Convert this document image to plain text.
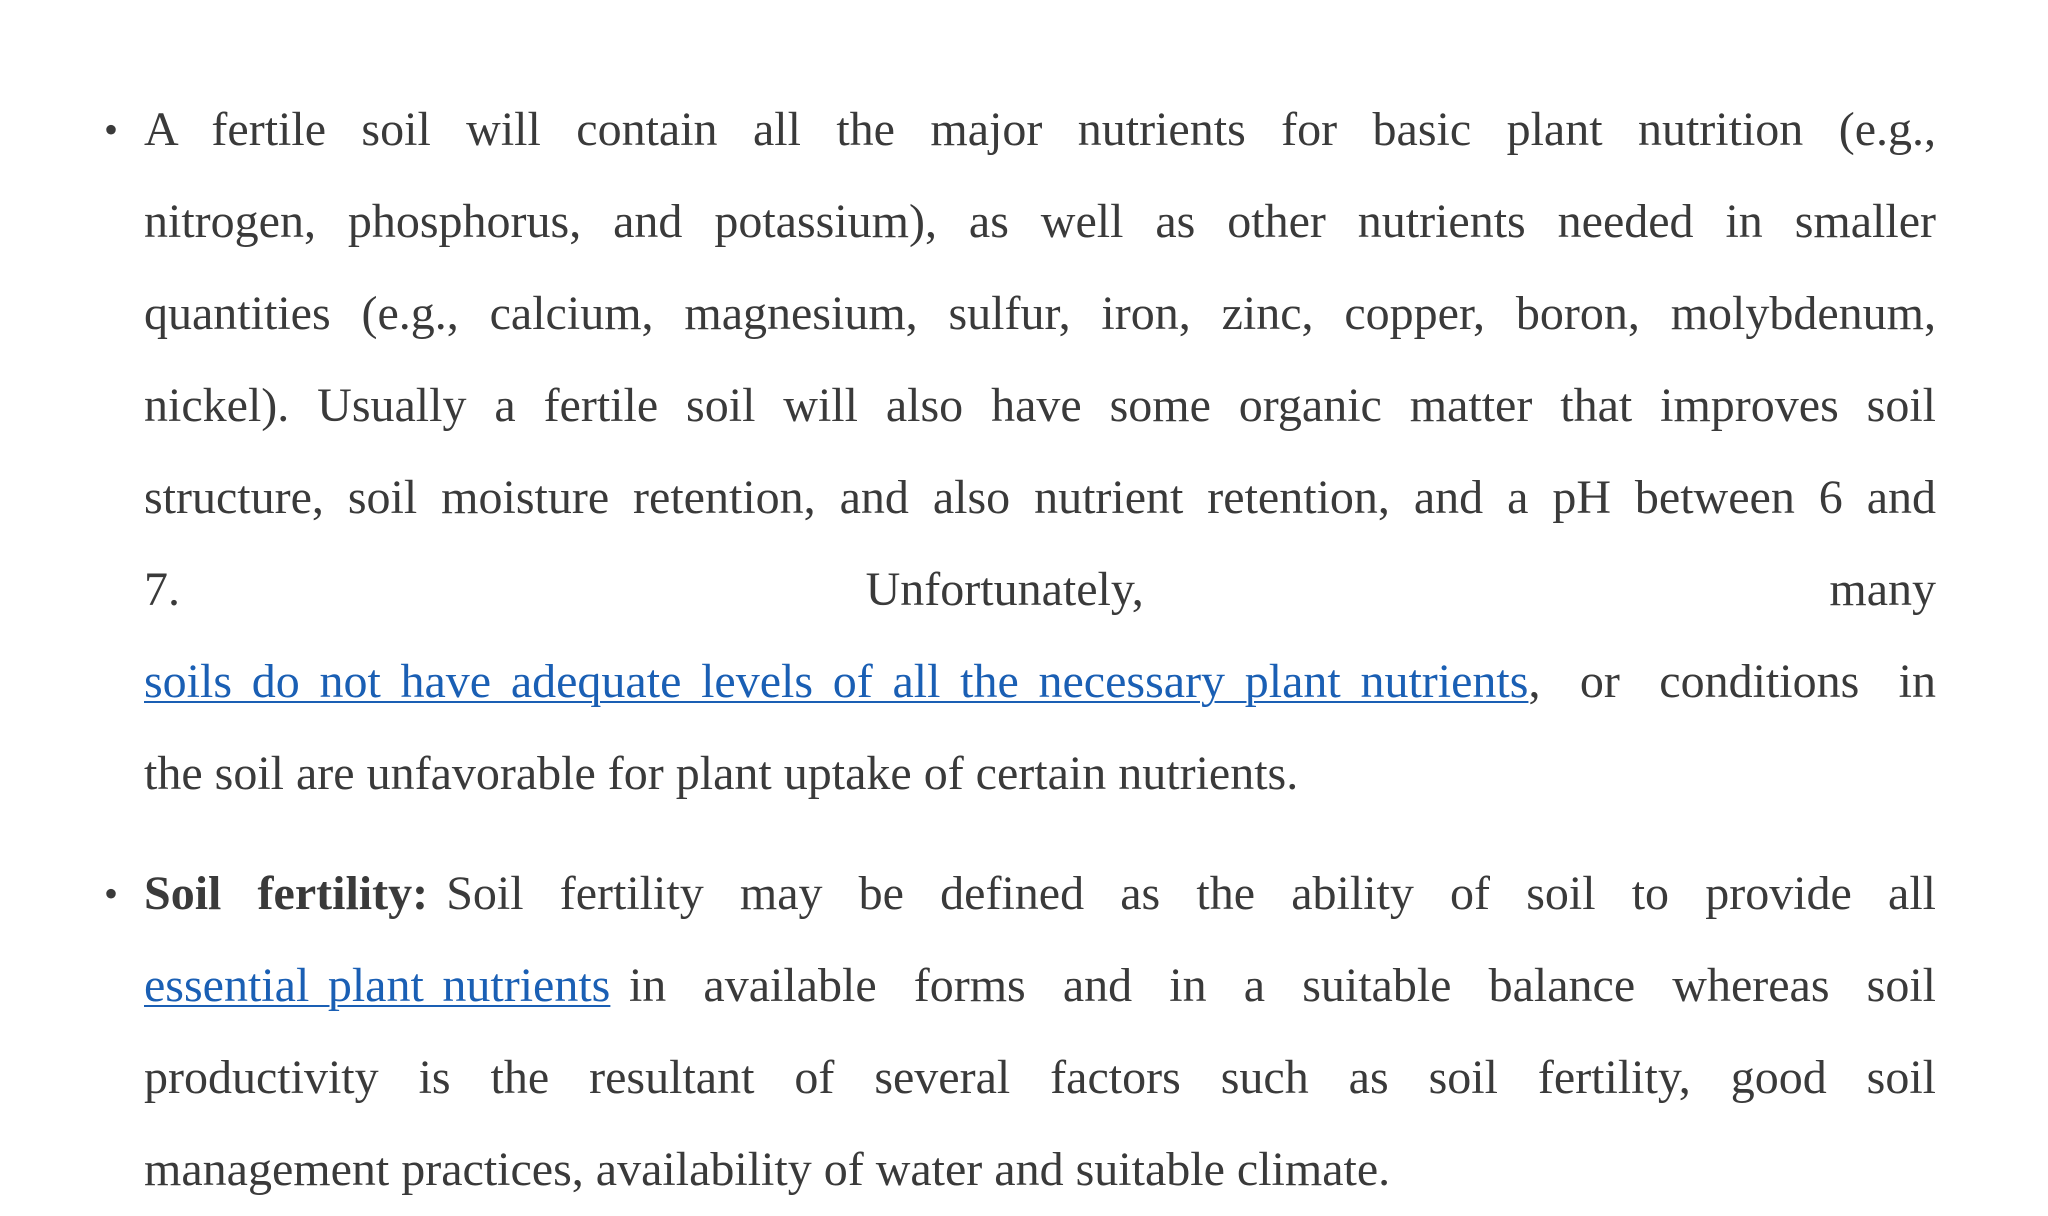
• A fertile soil will contain all the major nutrients for basic plant nutrition (e.g.,
nitrogen, phosphorus, and potassium), as well as other nutrients needed in smaller
quantities (e.g., calcium, magnesium, sulfur, iron, zinc, copper, boron, molybdenum,
nickel). Usually a fertile soil will also have some organic matter that improves soil
structure, soil moisture retention, and also nutrient retention, and a pH between 6 and
7.                                   Unfortunately,                                   many
soils do not have adequate levels of all the necessary plant nutrients,  or  conditions  in
the soil are unfavorable for plant uptake of certain nutrients.
• Soil  fertility: Soil  fertility  may  be  defined  as  the  ability  of  soil  to  provide  all
essential plant nutrients in  available  forms  and  in  a  suitable  balance  whereas  soil
productivity  is  the  resultant  of  several  factors  such  as  soil  fertility,  good  soil
management practices, availability of water and suitable climate.
